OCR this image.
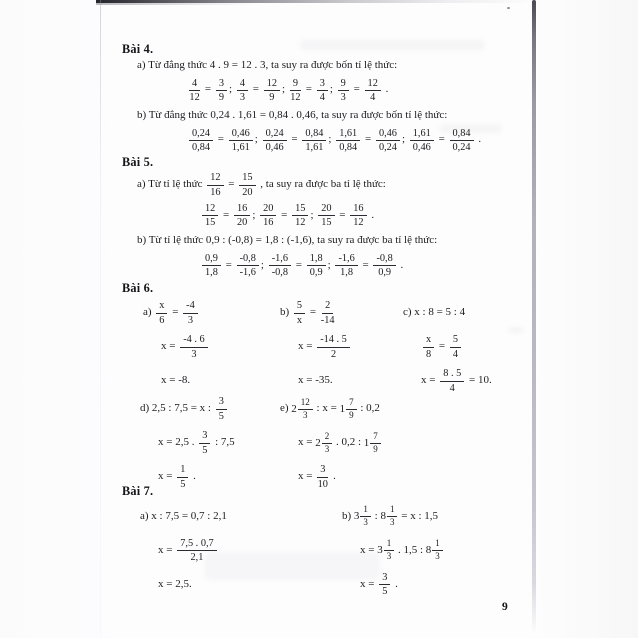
Bài 4.
a) Từ đẳng thức 4 . 9 = 12 . 3, ta suy ra được bốn tỉ lệ thức:
$\frac{4}{12} = \frac{3}{9}$ ; $\frac{4}{3} = \frac{12}{9}$ ; $\frac{9}{12} = \frac{3}{4}$ ; $\frac{9}{3} = \frac{12}{4}$ .
b) Từ đẳng thức 0,24 . 1,61 = 0,84 . 0,46, ta suy ra được bốn tỉ lệ thức:
$\frac{0,24}{0,84} = \frac{0,46}{1,61}$ ; $\frac{0,24}{0,46} = \frac{0,84}{1,61}$ ; $\frac{1,61}{0,84} = \frac{0,46}{0,24}$ ; $\frac{1,61}{0,46} = \frac{0,84}{0,24}$ .
Bài 5.
a) Từ tỉ lệ thức $\frac{12}{16} = \frac{15}{20}$ , ta suy ra được ba tỉ lệ thức:
$\frac{12}{15} = \frac{16}{20}$ ; $\frac{20}{16} = \frac{15}{12}$ ; $\frac{20}{15} = \frac{16}{12}$ .
b) Từ tỉ lệ thức 0,9 : (-0,8) = 1,8 : (-1,6), ta suy ra được ba tỉ lệ thức:
$\frac{0,9}{1,8} = \frac{-0,8}{-1,6}$ ; $\frac{-1,6}{-0,8} = \frac{1,8}{0,9}$ ; $\frac{-1,6}{1,8} = \frac{-0,8}{0,9}$ .
Bài 6.
$a) \frac{x}{6} = \frac{-4}{3}$
$x = \frac{-4 . 6}{3}$
x = -8.
$b) \frac{5}{x} = \frac{2}{-14}$
$x = \frac{-14 . 5}{2}$
x = -35.
c) x : 8 = 5 : 4
$\frac{x}{8} = \frac{5}{4}$
$x = \frac{8 . 5}{4} = 10$.
d) 2,5 : 7,5 = x : $\frac{3}{5}$
x = 2,5 . $\frac{3}{5}$ : 7,5
$x = \frac{1}{5}$ .
e) $2 \frac{12}{3}$ : $x = 1 \frac{7}{9}$ : 0,2
$x = 2 \frac{2}{3}$ . 0,2 : $1 \frac{7}{9}$
$x = \frac{3}{10}$ .
Bài 7.
a) x : 7,5 = 0,7 : 2,1
$x = \frac{7,5 . 0,7}{2,1}$
x = 2,5.
b) $3 \frac{1}{3}$ : $8 \frac{1}{3} = x$ : 1,5
$x = 3 \frac{1}{3}$ . 1,5 : $8 \frac{1}{3}$
$x = \frac{3}{5}$ .
9
